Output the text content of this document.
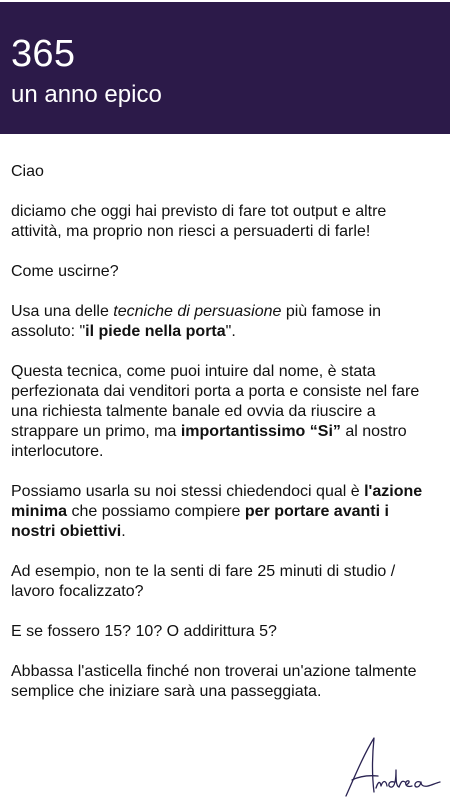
365
un anno epico

Ciao

diciamo che oggi hai previsto di fare tot output e altre attività, ma proprio non riesci a persuaderti di farle!

Come uscirne?

Usa una delle tecniche di persuasione più famose in assoluto: "il piede nella porta".

Questa tecnica, come puoi intuire dal nome, è stata perfezionata dai venditori porta a porta e consiste nel fare una richiesta talmente banale ed ovvia da riuscire a strappare un primo, ma importantissimo “Si” al nostro interlocutore.

Possiamo usarla su noi stessi chiedendoci qual è l'azione minima che possiamo compiere per portare avanti i nostri obiettivi.

Ad esempio, non te la senti di fare 25 minuti di studio / lavoro focalizzato?

E se fossero 15? 10? O addirittura 5?

Abbassa l'asticella finché non troverai un'azione talmente semplice che iniziare sarà una passeggiata.
